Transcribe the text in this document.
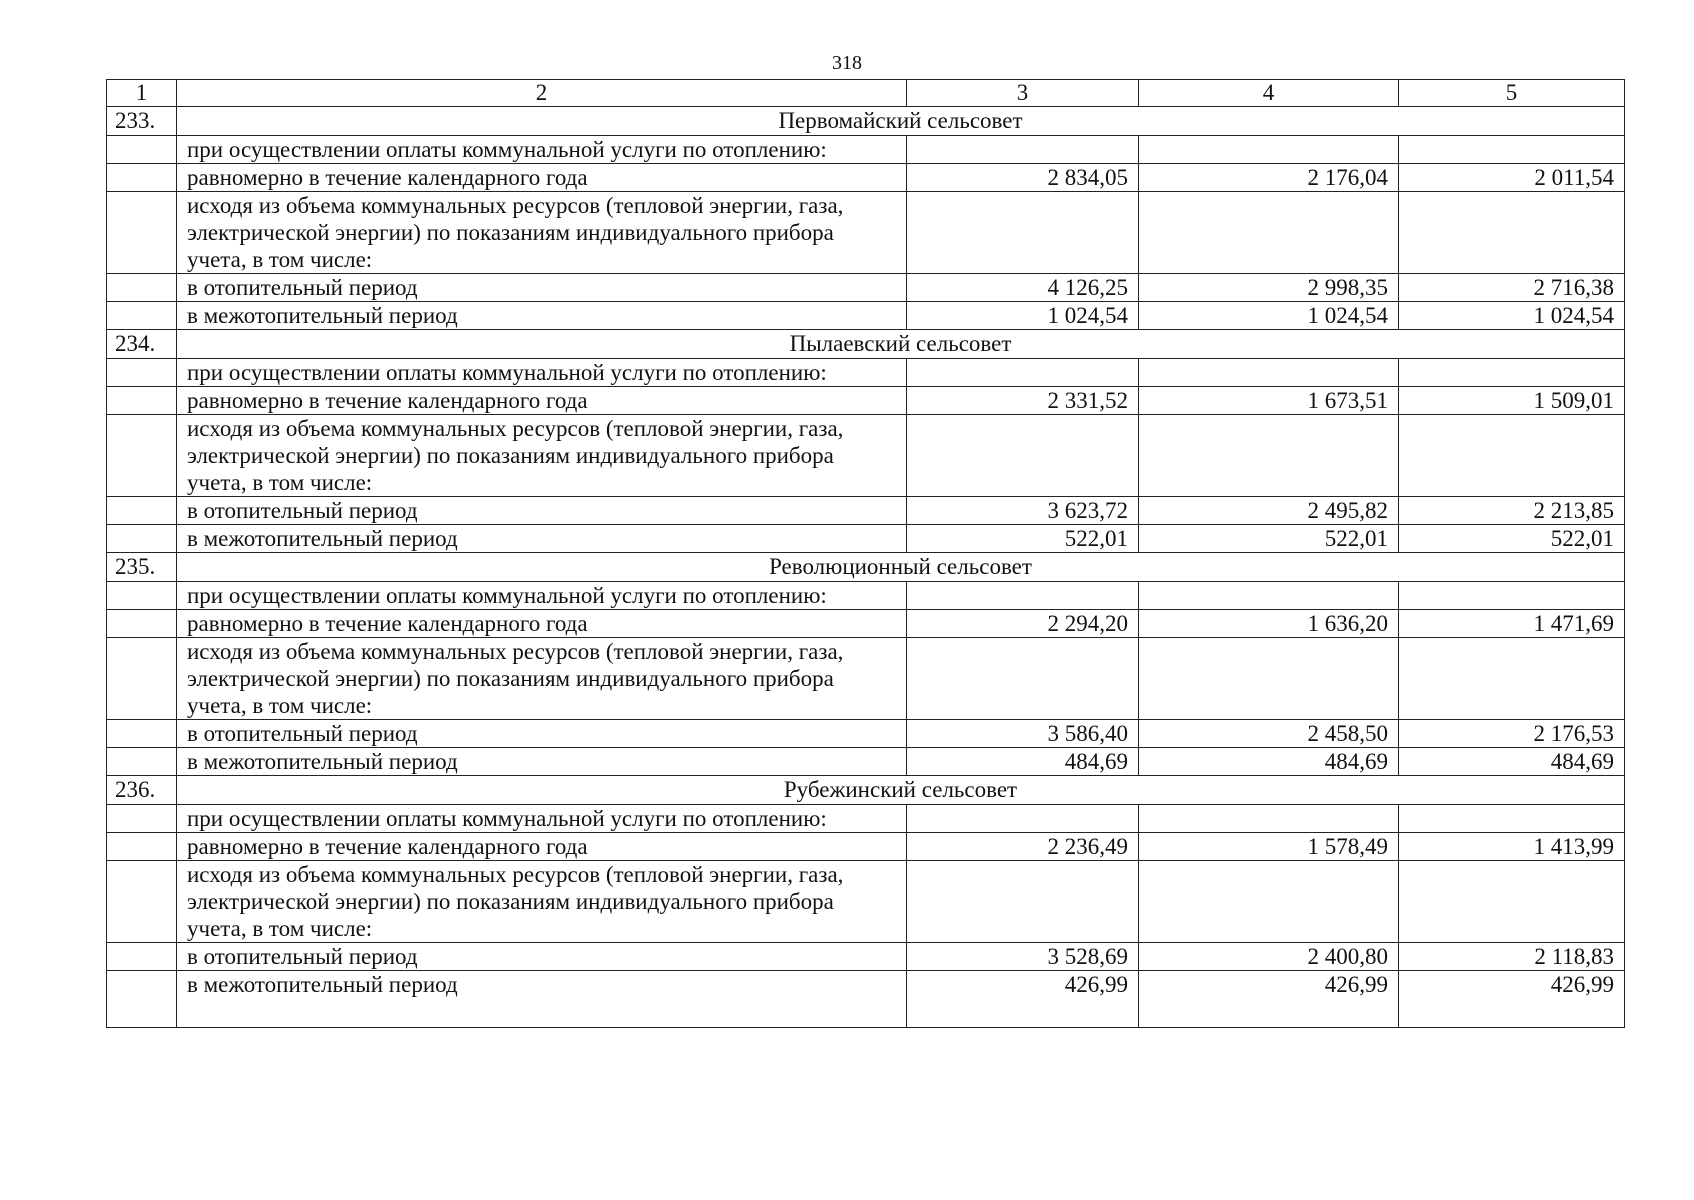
318
1	2	3	4	5
233.	Первомайский сельсовет			
	при осуществлении оплаты коммунальной услуги по отоплению:			
	равномерно в течение календарного года	2 834,05	2 176,04	2 011,54
	исходя из объема коммунальных ресурсов (тепловой энергии, газа, электрической энергии) по показаниям индивидуального прибора учета, в том числе:			
	в отопительный период	4 126,25	2 998,35	2 716,38
	в межотопительный период	1 024,54	1 024,54	1 024,54
234.	Пылаевский сельсовет			
	при осуществлении оплаты коммунальной услуги по отоплению:			
	равномерно в течение календарного года	2 331,52	1 673,51	1 509,01
	исходя из объема коммунальных ресурсов (тепловой энергии, газа, электрической энергии) по показаниям индивидуального прибора учета, в том числе:			
	в отопительный период	3 623,72	2 495,82	2 213,85
	в межотопительный период	522,01	522,01	522,01
235.	Революционный сельсовет			
	при осуществлении оплаты коммунальной услуги по отоплению:			
	равномерно в течение календарного года	2 294,20	1 636,20	1 471,69
	исходя из объема коммунальных ресурсов (тепловой энергии, газа, электрической энергии) по показаниям индивидуального прибора учета, в том числе:			
	в отопительный период	3 586,40	2 458,50	2 176,53
	в межотопительный период	484,69	484,69	484,69
236.	Рубежинский сельсовет			
	при осуществлении оплаты коммунальной услуги по отоплению:			
	равномерно в течение календарного года	2 236,49	1 578,49	1 413,99
	исходя из объема коммунальных ресурсов (тепловой энергии, газа, электрической энергии) по показаниям индивидуального прибора учета, в том числе:			
	в отопительный период	3 528,69	2 400,80	2 118,83
	в межотопительный период	426,99	426,99	426,99
